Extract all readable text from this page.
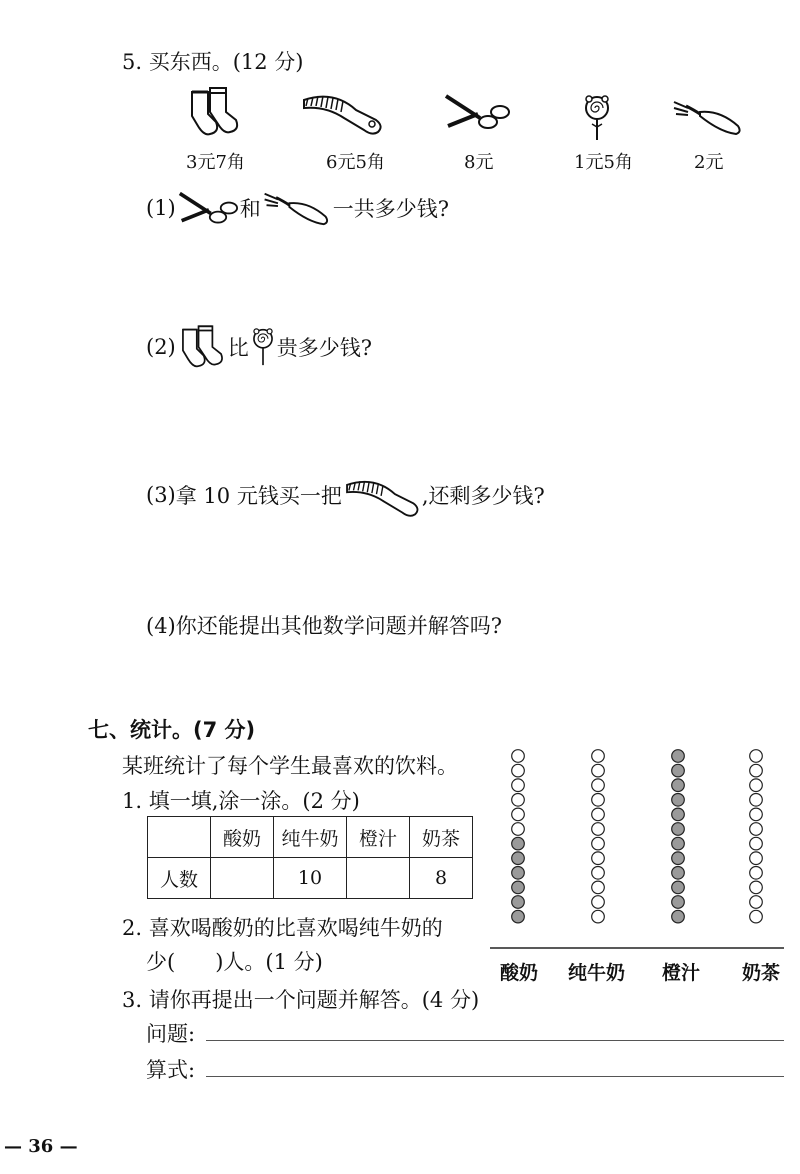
5. 买东西。(12 分)
3元7角	6元5角	8元	1元5角	2元
(1)	和	一共多少钱?
(2) 比 贵多少钱?
(3) 拿 10 元钱买一把	,还剩多少钱?
(4)你还能提出其他数学问题并解答吗?
七、统计。(7 分)
某班统计了每个学生最喜欢的饮料。
1. 填一填,涂一涂。(2 分)
	酸奶	纯牛奶	橙汁	奶茶
人数		10		8
2. 喜欢喝酸奶的比喜欢喝纯牛奶的
少(      )人。(1 分)
3. 请你再提出一个问题并解答。(4 分)
问题:
算式:
酸奶 纯牛奶 橙汁 奶茶
— 36 —
